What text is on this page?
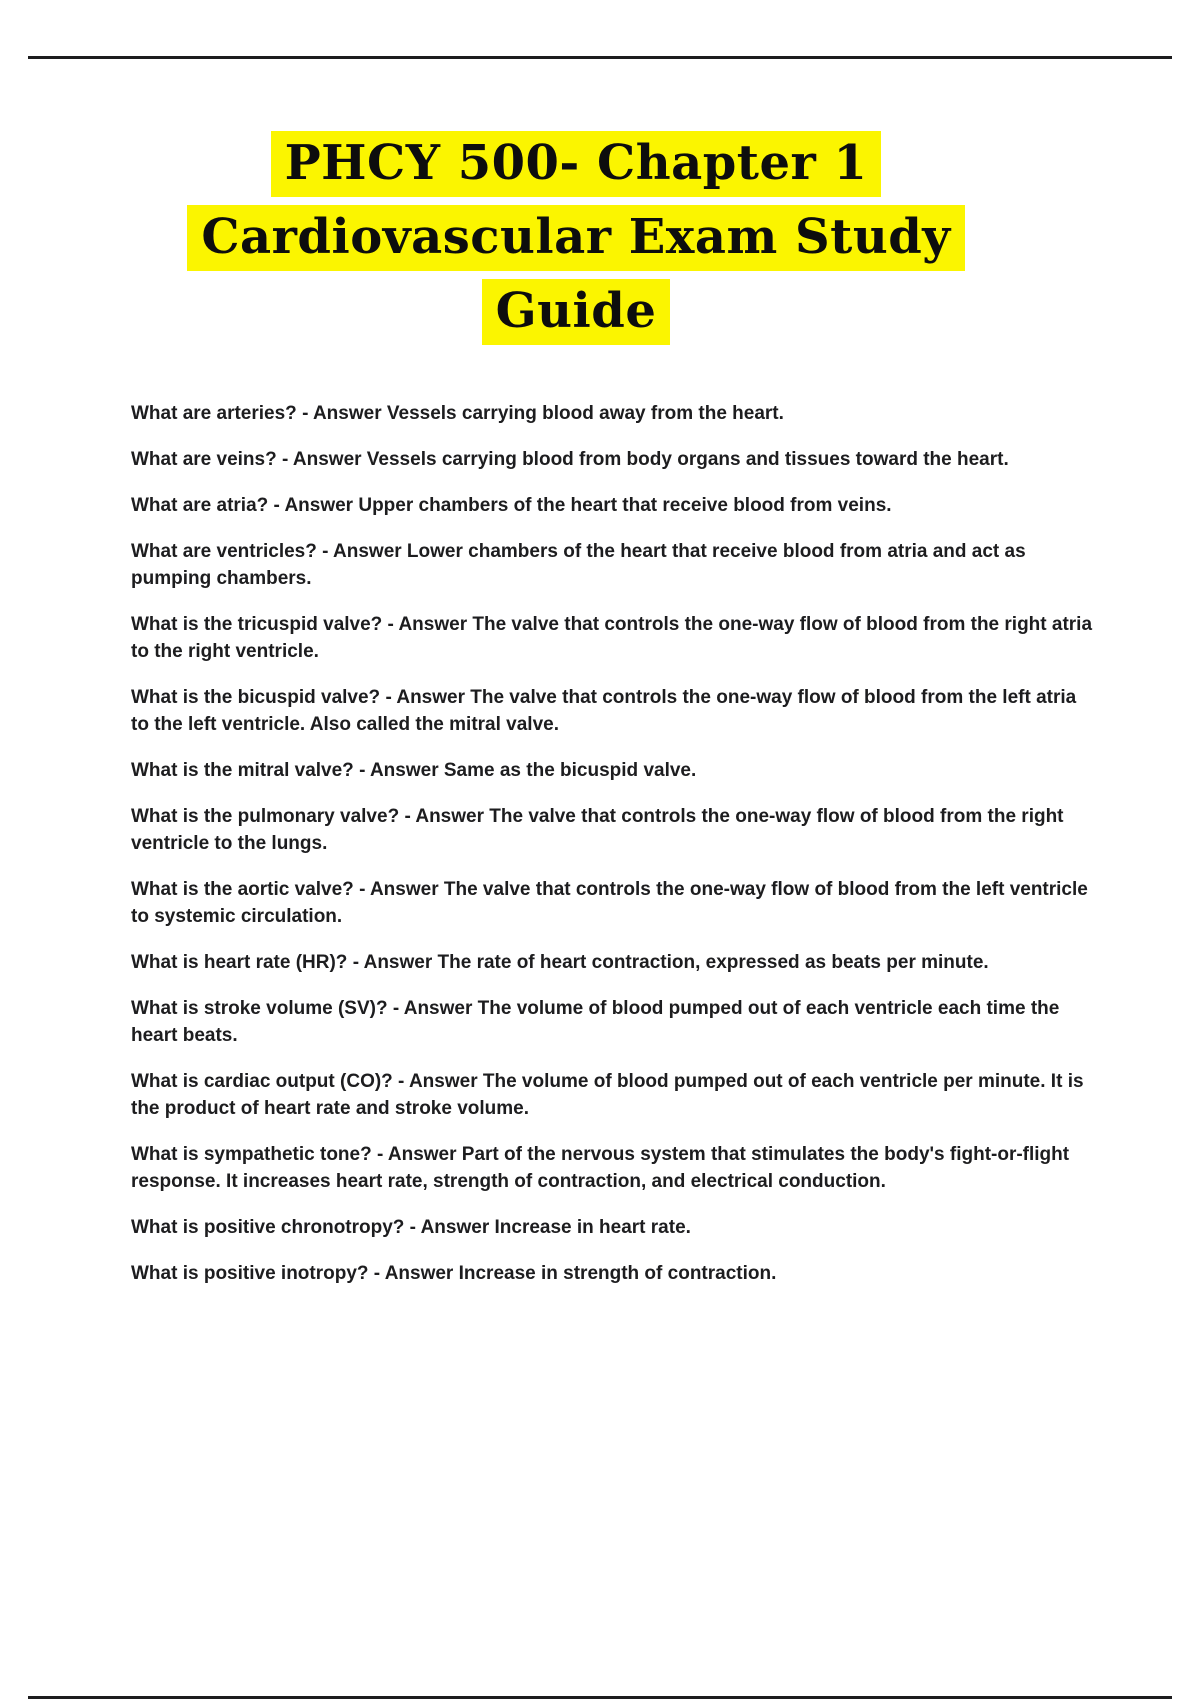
PHCY 500- Chapter 1
Cardiovascular Exam Study
Guide

What are arteries? - Answer Vessels carrying blood away from the heart.

What are veins? - Answer Vessels carrying blood from body organs and tissues toward the heart.

What are atria? - Answer Upper chambers of the heart that receive blood from veins.

What are ventricles? - Answer Lower chambers of the heart that receive blood from atria and act as pumping chambers.

What is the tricuspid valve? - Answer The valve that controls the one-way flow of blood from the right atria to the right ventricle.

What is the bicuspid valve? - Answer The valve that controls the one-way flow of blood from the left atria to the left ventricle. Also called the mitral valve.

What is the mitral valve? - Answer Same as the bicuspid valve.

What is the pulmonary valve? - Answer The valve that controls the one-way flow of blood from the right ventricle to the lungs.

What is the aortic valve? - Answer The valve that controls the one-way flow of blood from the left ventricle to systemic circulation.

What is heart rate (HR)? - Answer The rate of heart contraction, expressed as beats per minute.

What is stroke volume (SV)? - Answer The volume of blood pumped out of each ventricle each time the heart beats.

What is cardiac output (CO)? - Answer The volume of blood pumped out of each ventricle per minute. It is the product of heart rate and stroke volume.

What is sympathetic tone? - Answer Part of the nervous system that stimulates the body's fight-or-flight response. It increases heart rate, strength of contraction, and electrical conduction.

What is positive chronotropy? - Answer Increase in heart rate.

What is positive inotropy? - Answer Increase in strength of contraction.
